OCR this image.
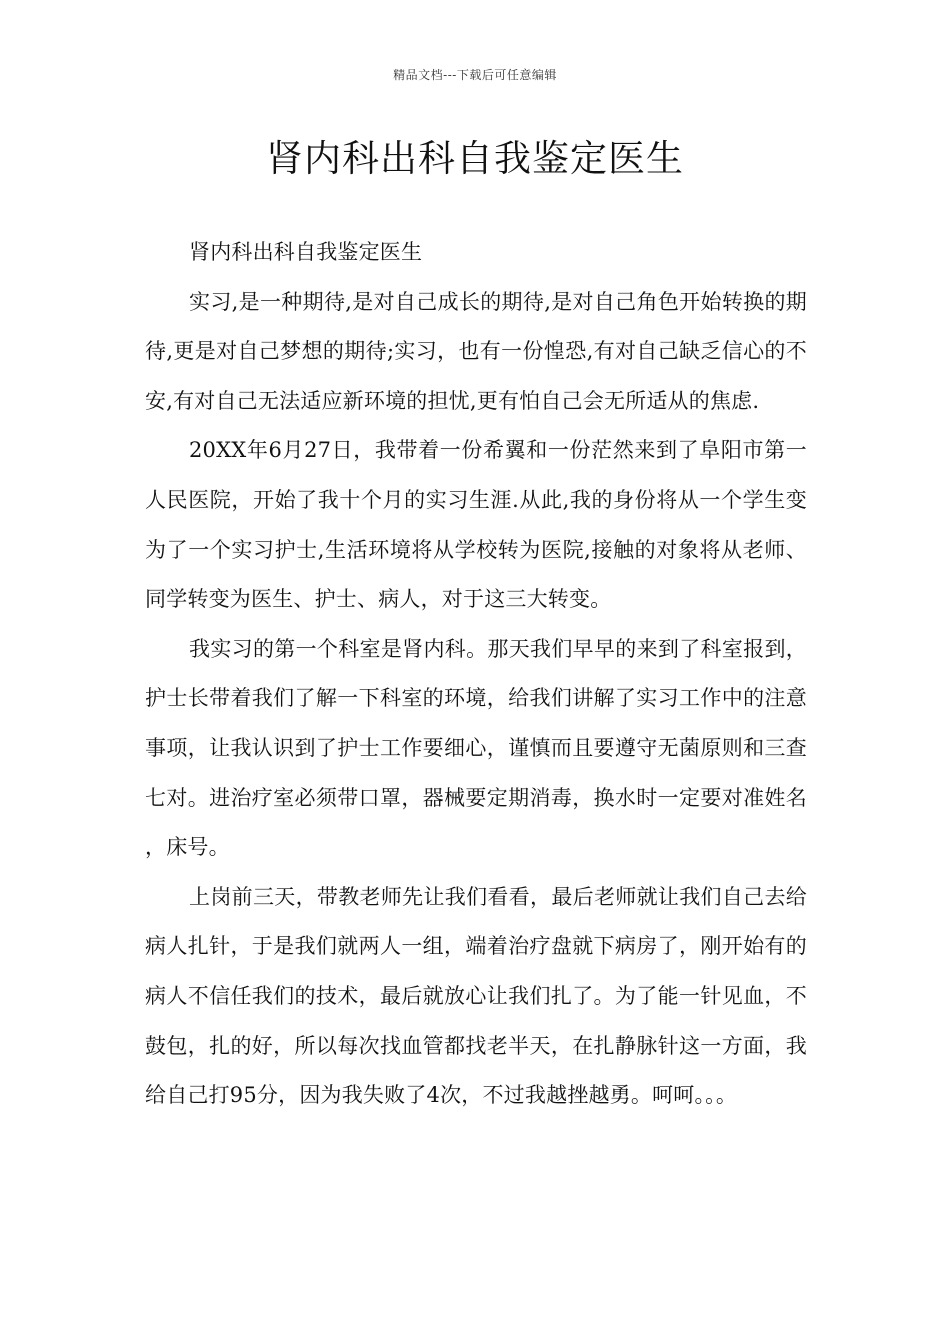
精品文档---下载后可任意编辑
肾内科出科自我鉴定医生

肾内科出科自我鉴定医生

实习,是一种期待,是对自己成长的期待,是对自己角色开始转换的期待,更是对自己梦想的期待;实习，也有一份惶恐,有对自己缺乏信心的不安,有对自己无法适应新环境的担忧,更有怕自己会无所适从的焦虑.

20XX年6月27日，我带着一份希翼和一份茫然来到了阜阳市第一人民医院，开始了我十个月的实习生涯.从此,我的身份将从一个学生变为了一个实习护士,生活环境将从学校转为医院,接触的对象将从老师、同学转变为医生、护士、病人，对于这三大转变。

我实习的第一个科室是肾内科。那天我们早早的来到了科室报到，护士长带着我们了解一下科室的环境，给我们讲解了实习工作中的注意事项，让我认识到了护士工作要细心，谨慎而且要遵守无菌原则和三查七对。进治疗室必须带口罩，器械要定期消毒，换水时一定要对准姓名，床号。

上岗前三天，带教老师先让我们看看，最后老师就让我们自己去给病人扎针，于是我们就两人一组，端着治疗盘就下病房了，刚开始有的病人不信任我们的技术，最后就放心让我们扎了。为了能一针见血，不鼓包，扎的好，所以每次找血管都找老半天，在扎静脉针这一方面，我给自己打95分，因为我失败了4次，不过我越挫越勇。呵呵。。。
